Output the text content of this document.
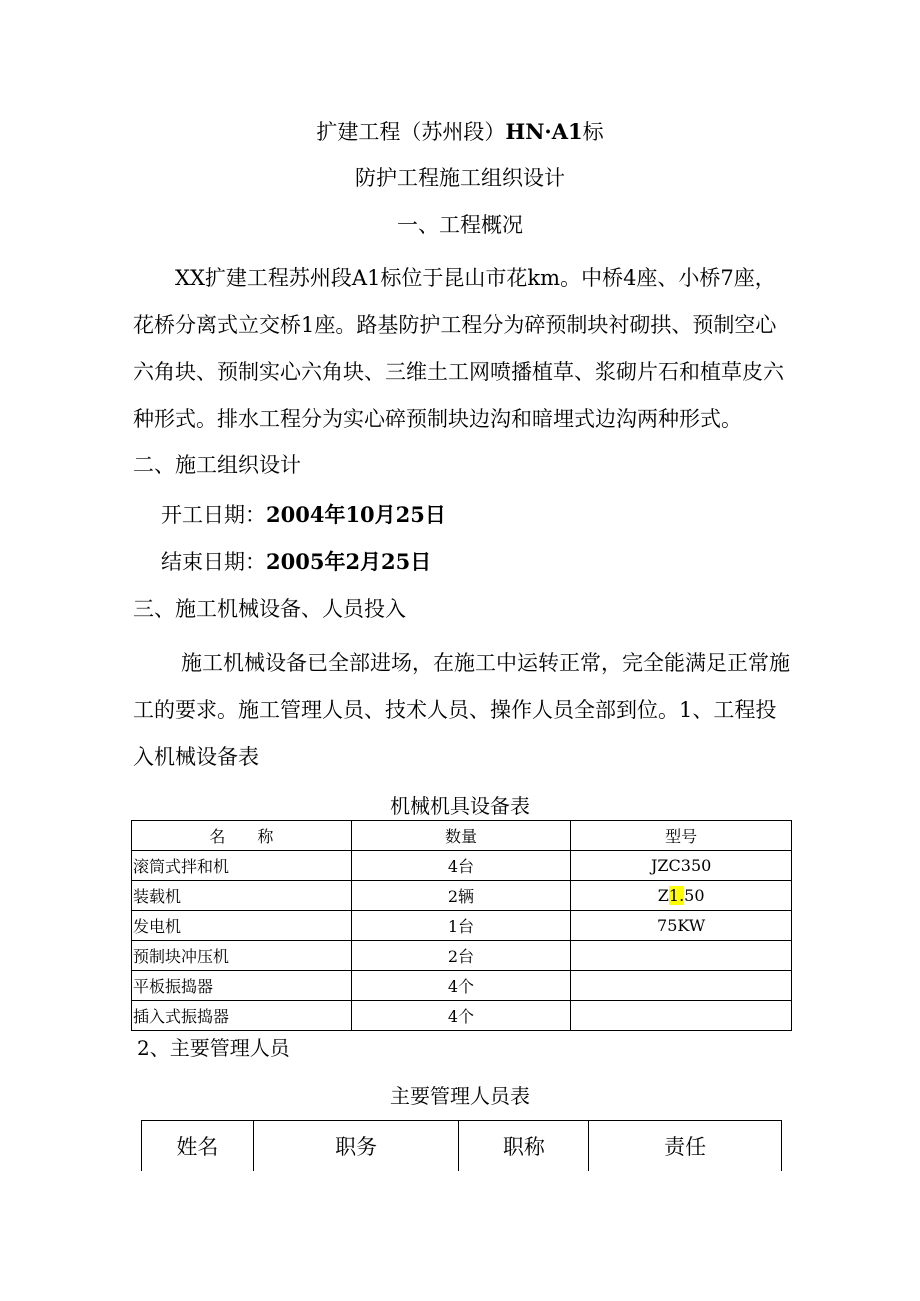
扩建工程（苏州段）HN·A1标
防护工程施工组织设计
一、工程概况
XX扩建工程苏州段A1标位于昆山市花km。中桥4座、小桥7座，花桥分离式立交桥1座。路基防护工程分为碎预制块衬砌拱、预制空心六角块、预制实心六角块、三维土工网喷播植草、浆砌片石和植草皮六种形式。排水工程分为实心碎预制块边沟和暗埋式边沟两种形式。
二、施工组织设计
开工日期：2004年10月25日
结束日期：2005年2月25日
三、施工机械设备、人员投入
施工机械设备已全部进场，在施工中运转正常，完全能满足正常施工的要求。施工管理人员、技术人员、操作人员全部到位。1、工程投入机械设备表
机械机具设备表
名　　称	数量	型号
滚筒式拌和机	4台	JZC350
装载机	2辆	Z1.50
发电机	1台	75KW
预制块冲压机	2台	
平板振捣器	4个	
插入式振捣器	4个	
2、主要管理人员
主要管理人员表
姓名	职务	职称	责任
